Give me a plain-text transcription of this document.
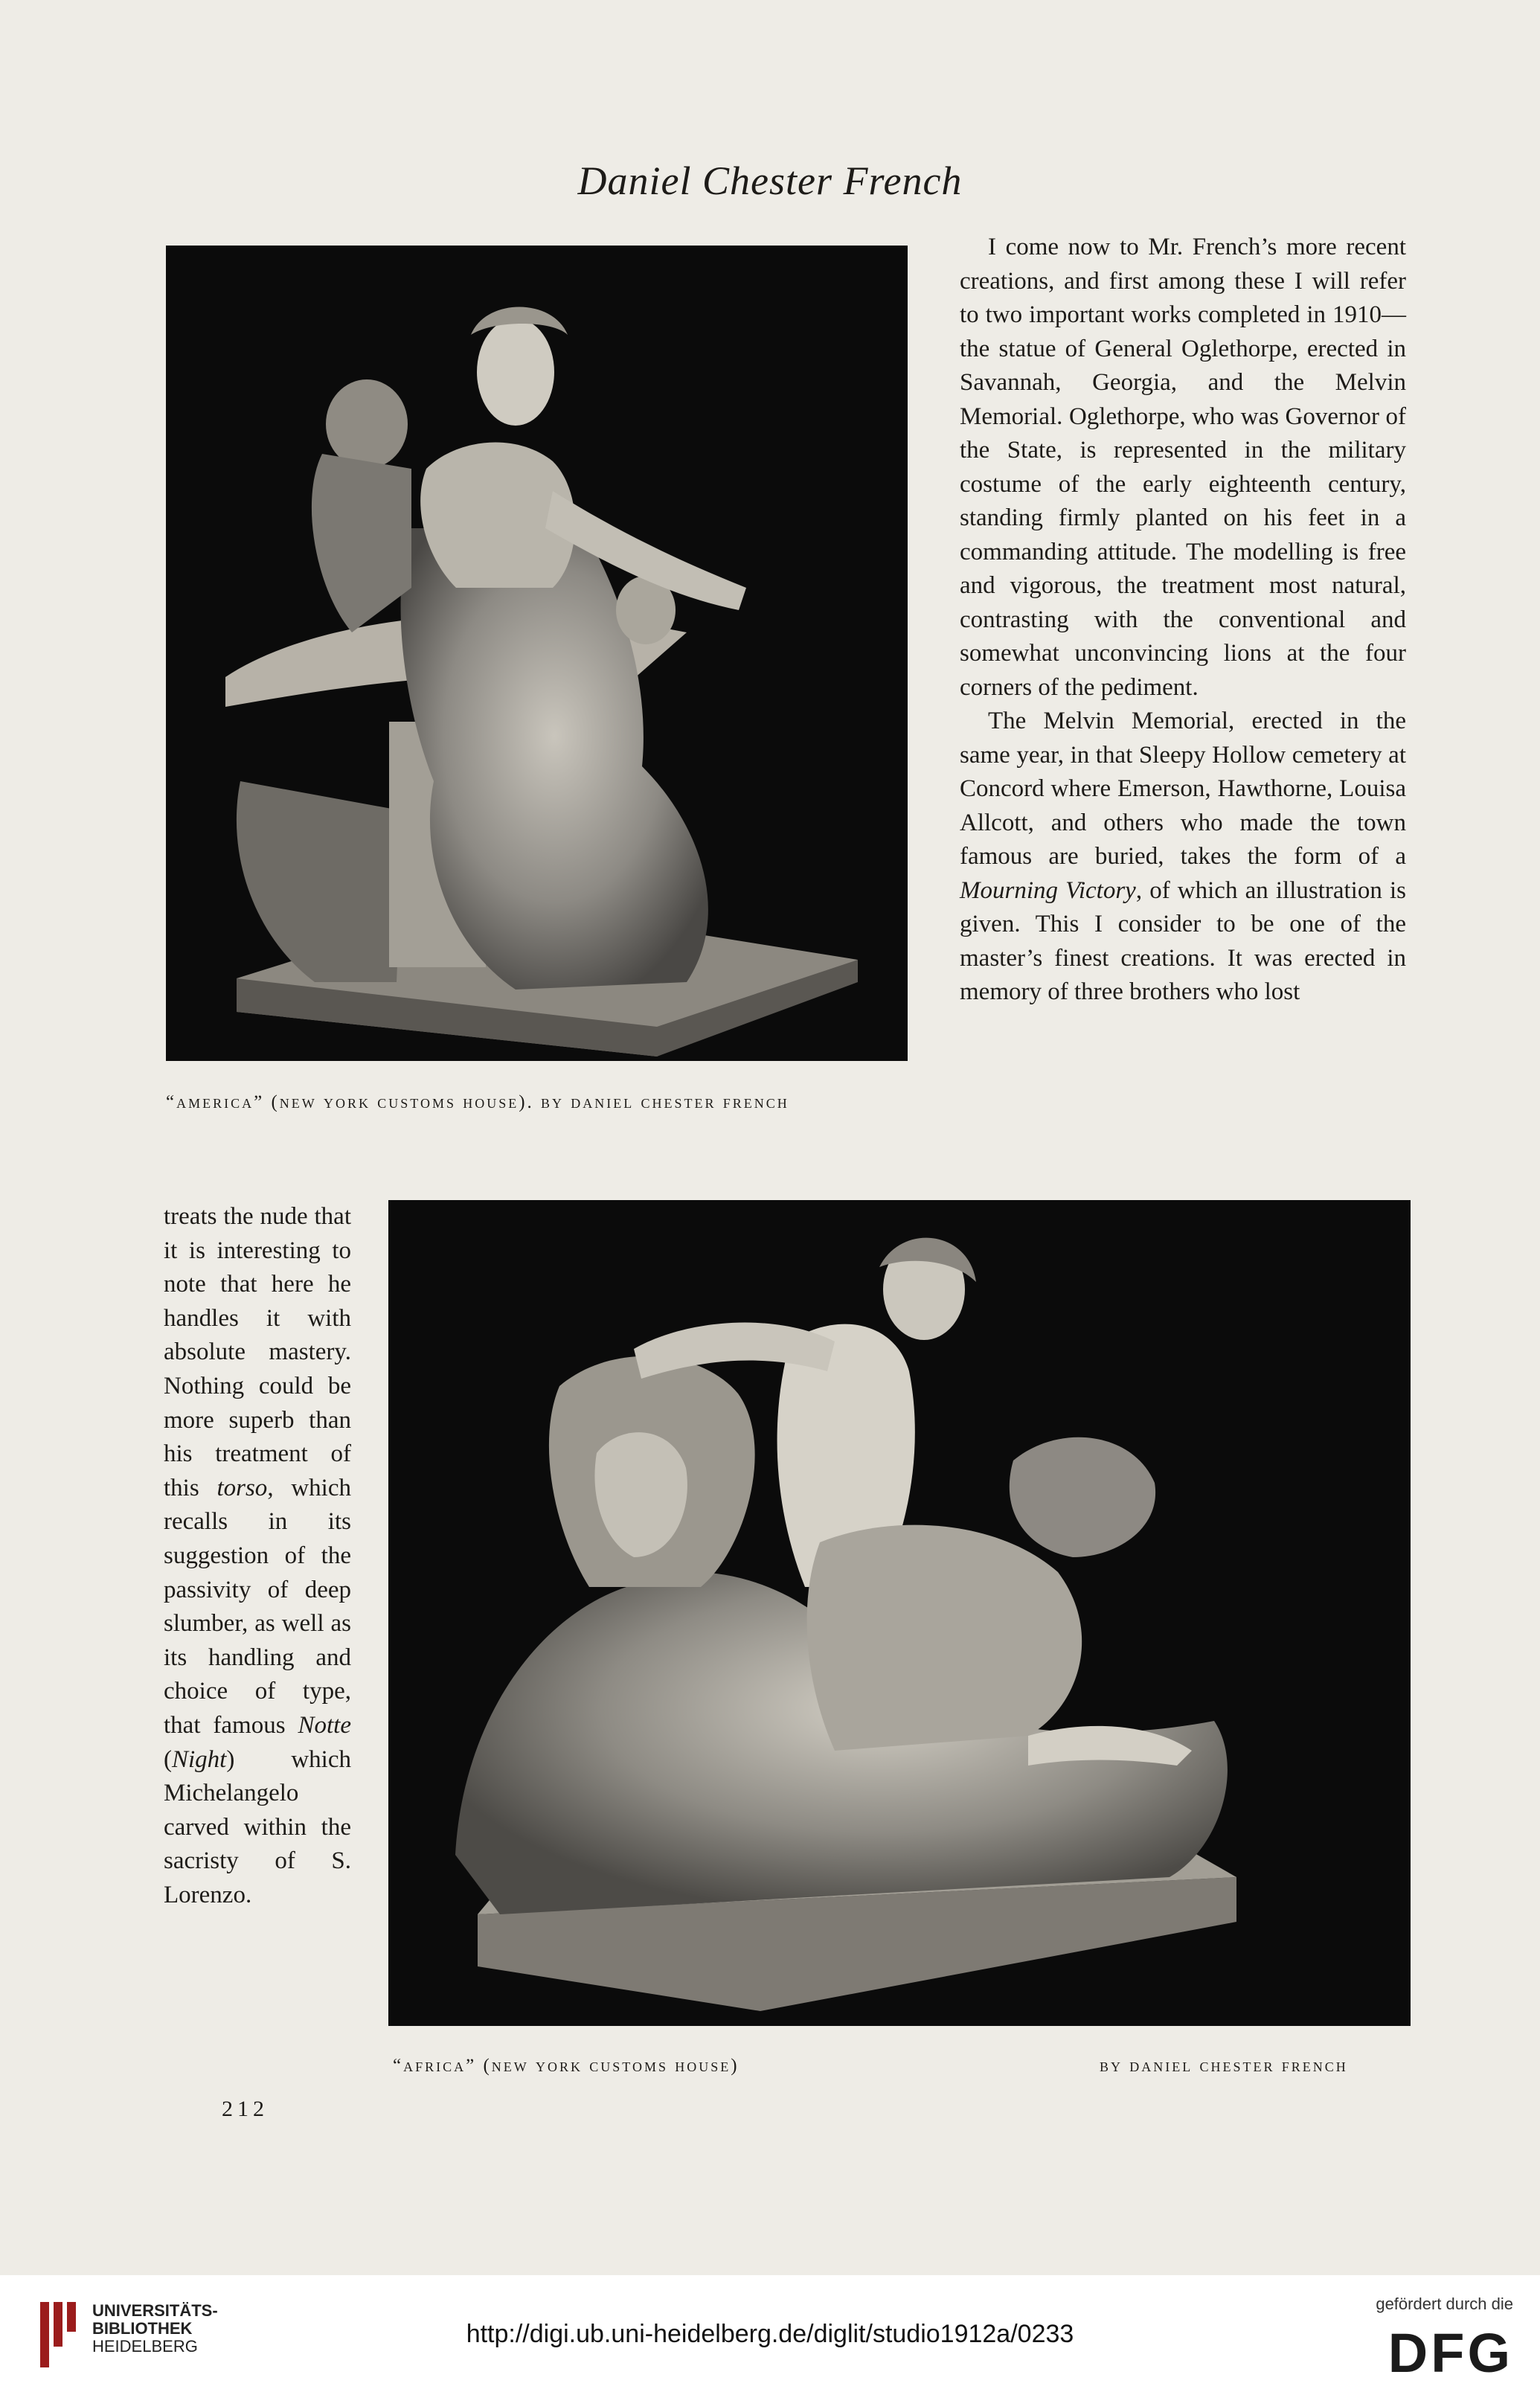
Daniel Chester French
“america” (new york customs house). by daniel chester french

I come now to Mr. French’s more recent creations, and first among these I will refer to two important works completed in 1910—the statue of General Oglethorpe, erected in Savannah, Georgia, and the Melvin Memorial. Oglethorpe, who was Governor of the State, is represented in the military costume of the early eighteenth century, standing firmly planted on his feet in a commanding attitude. The modelling is free and vigorous, the treatment most natural, contrasting with the conventional and somewhat unconvincing lions at the four corners of the pediment.

The Melvin Memorial, erected in the same year, in that Sleepy Hollow cemetery at Concord where Emerson, Hawthorne, Louisa Allcott, and others who made the town famous are buried, takes the form of a Mourning Victory, of which an illustration is given. This I consider to be one of the master’s finest creations. It was erected in memory of three brothers who lost

treats the nude that it is interesting to note that here he handles it with absolute mastery. Nothing could be more superb than his treatment of this torso, which recalls in its suggestion of the passivity of deep slumber, as well as its handling and choice of type, that famous Notte (Night) which Michelangelo carved within the sacristy of S. Lorenzo.

“africa” (new york customs house)	by daniel chester french
212
UNIVERSITÄTS-
BIBLIOTHEK
HEIDELBERG	http://digi.ub.uni-heidelberg.de/diglit/studio1912a/0233
gefördert durch die
DFG
